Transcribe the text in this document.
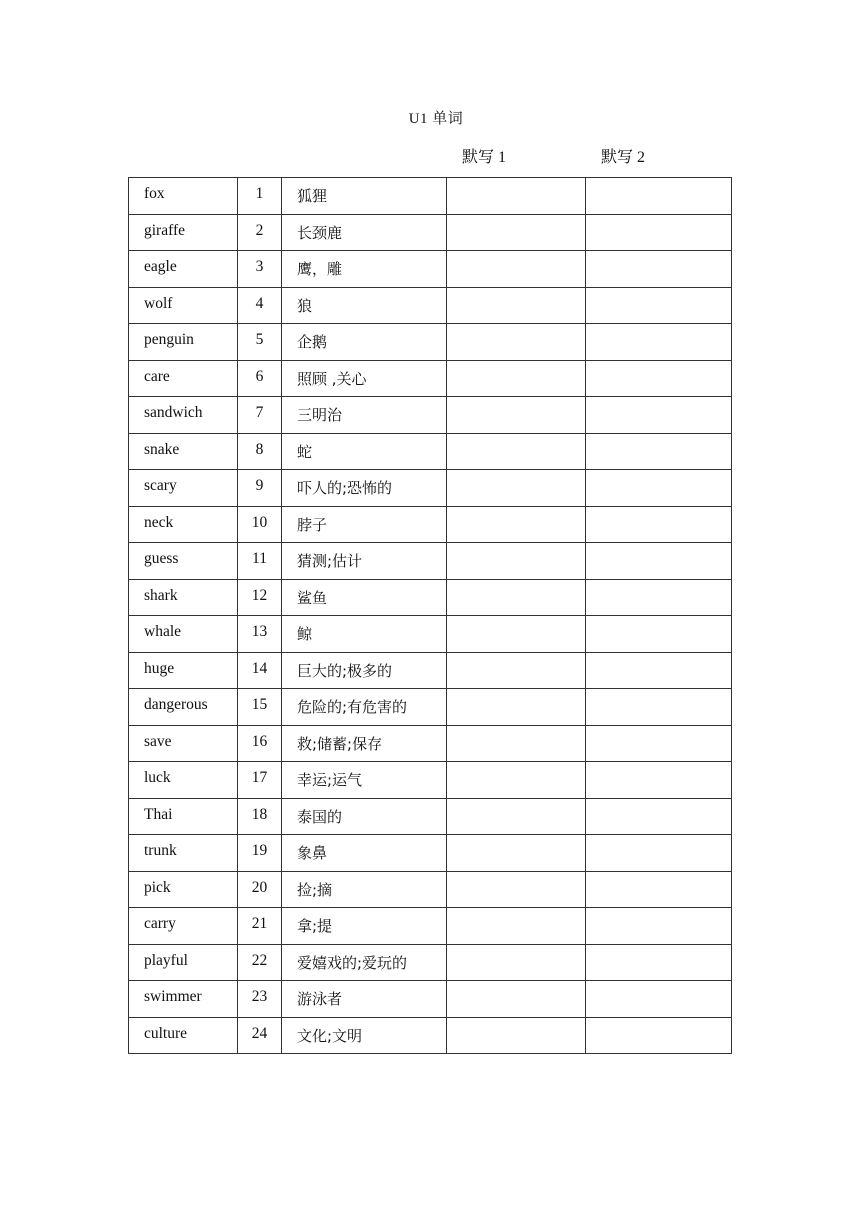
U1 单词
默写 1	默写 2
fox	1	狐狸		
giraffe	2	长颈鹿		
eagle	3	鹰，雕		
wolf	4	狼		
penguin	5	企鹅		
care	6	照顾 ,关心		
sandwich	7	三明治		
snake	8	蛇		
scary	9	吓人的;恐怖的		
neck	10	脖子		
guess	11	猜测;估计		
shark	12	鲨鱼		
whale	13	鲸		
huge	14	巨大的;极多的		
dangerous	15	危险的;有危害的		
save	16	救;储蓄;保存		
luck	17	幸运;运气		
Thai	18	泰国的		
trunk	19	象鼻		
pick	20	捡;摘		
carry	21	拿;提		
playful	22	爱嬉戏的;爱玩的		
swimmer	23	游泳者		
culture	24	文化;文明		
